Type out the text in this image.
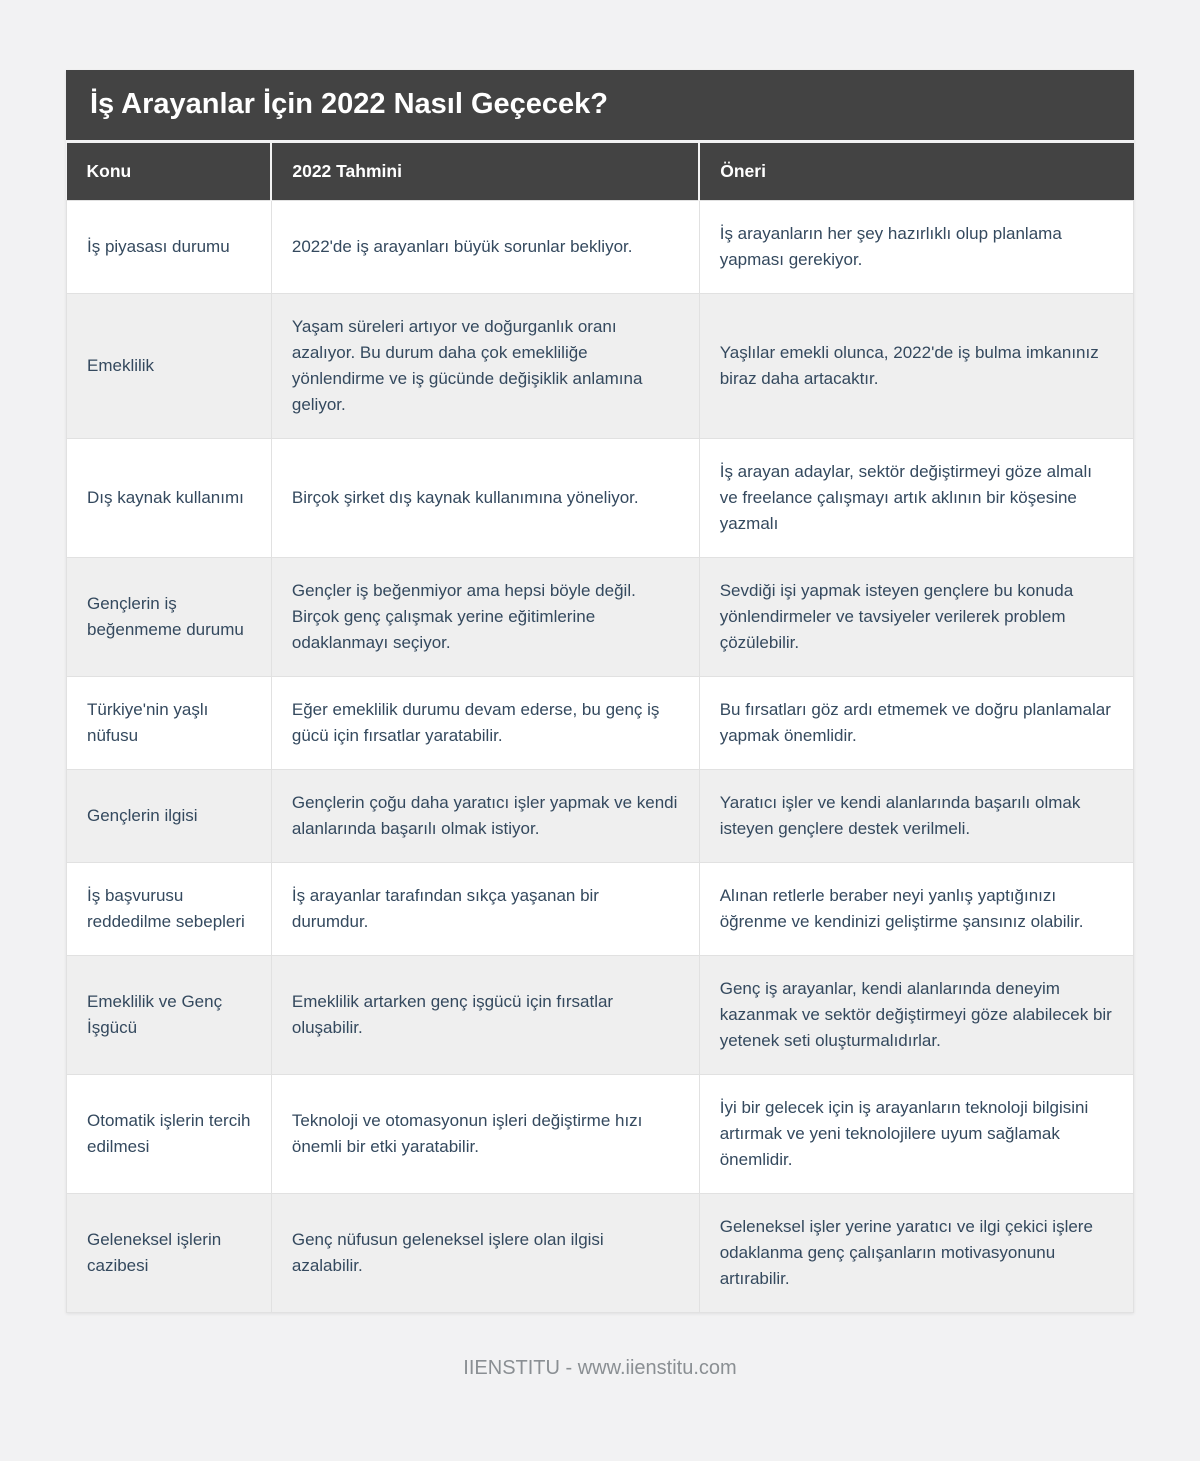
İş Arayanlar İçin 2022 Nasıl Geçecek?
Konu	2022 Tahmini	Öneri
İş piyasası durumu	2022'de iş arayanları büyük sorunlar bekliyor.	İş arayanların her şey hazırlıklı olup planlama yapması gerekiyor.
Emeklilik	Yaşam süreleri artıyor ve doğurganlık oranı azalıyor. Bu durum daha çok emekliliğe yönlendirme ve iş gücünde değişiklik anlamına geliyor.	Yaşlılar emekli olunca, 2022'de iş bulma imkanınız biraz daha artacaktır.
Dış kaynak kullanımı	Birçok şirket dış kaynak kullanımına yöneliyor.	İş arayan adaylar, sektör değiştirmeyi göze almalı ve freelance çalışmayı artık aklının bir köşesine yazmalı
Gençlerin iş beğenmeme durumu	Gençler iş beğenmiyor ama hepsi böyle değil. Birçok genç çalışmak yerine eğitimlerine odaklanmayı seçiyor.	Sevdiği işi yapmak isteyen gençlere bu konuda yönlendirmeler ve tavsiyeler verilerek problem çözülebilir.
Türkiye'nin yaşlı nüfusu	Eğer emeklilik durumu devam ederse, bu genç iş gücü için fırsatlar yaratabilir.	Bu fırsatları göz ardı etmemek ve doğru planlamalar yapmak önemlidir.
Gençlerin ilgisi	Gençlerin çoğu daha yaratıcı işler yapmak ve kendi alanlarında başarılı olmak istiyor.	Yaratıcı işler ve kendi alanlarında başarılı olmak isteyen gençlere destek verilmeli.
İş başvurusu reddedilme sebepleri	İş arayanlar tarafından sıkça yaşanan bir durumdur.	Alınan retlerle beraber neyi yanlış yaptığınızı öğrenme ve kendinizi geliştirme şansınız olabilir.
Emeklilik ve Genç İşgücü	Emeklilik artarken genç işgücü için fırsatlar oluşabilir.	Genç iş arayanlar, kendi alanlarında deneyim kazanmak ve sektör değiştirmeyi göze alabilecek bir yetenek seti oluşturmalıdırlar.
Otomatik işlerin tercih edilmesi	Teknoloji ve otomasyonun işleri değiştirme hızı önemli bir etki yaratabilir.	İyi bir gelecek için iş arayanların teknoloji bilgisini artırmak ve yeni teknolojilere uyum sağlamak önemlidir.
Geleneksel işlerin cazibesi	Genç nüfusun geleneksel işlere olan ilgisi azalabilir.	Geleneksel işler yerine yaratıcı ve ilgi çekici işlere odaklanma genç çalışanların motivasyonunu artırabilir.
IIENSTITU - www.iienstitu.com
